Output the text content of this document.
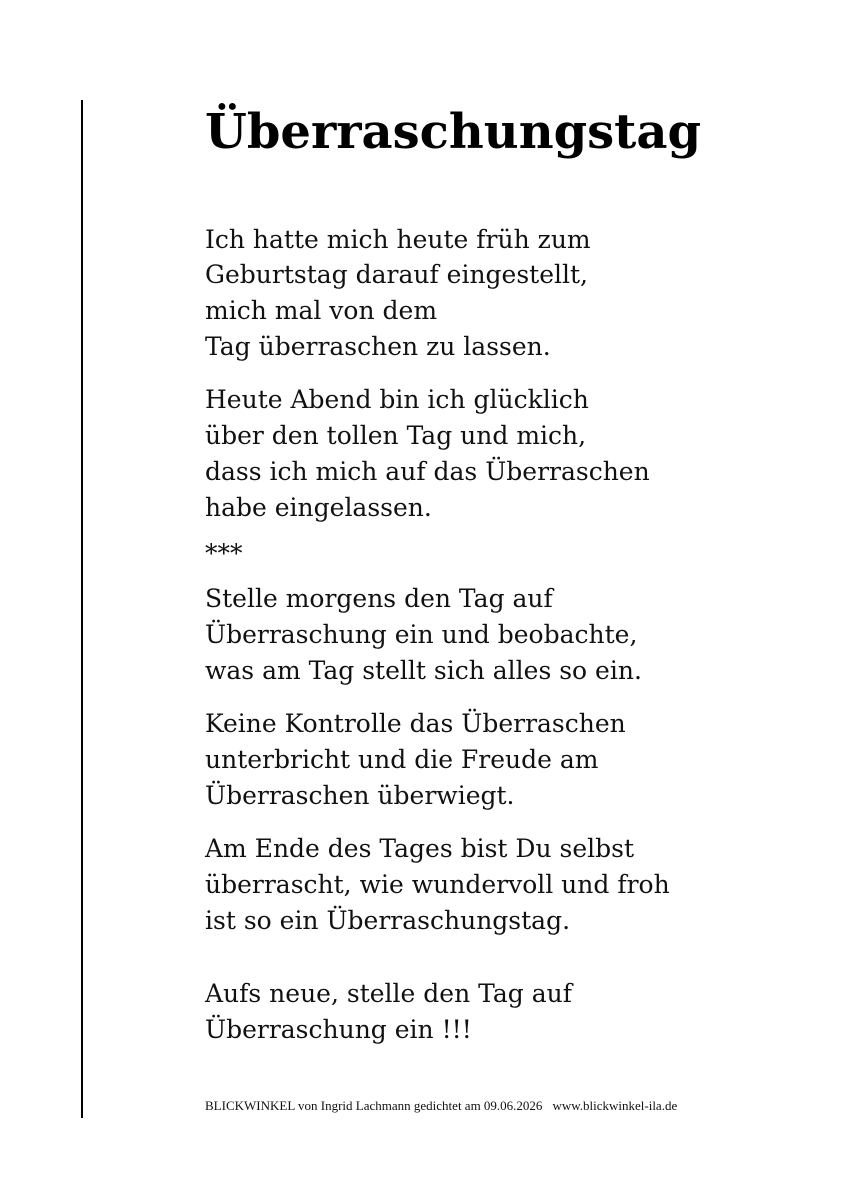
Überraschungstag
Ich hatte mich heute früh zum
Geburtstag darauf eingestellt,
mich mal von dem
Tag überraschen zu lassen.
Heute Abend bin ich glücklich
über den tollen Tag und mich,
dass ich mich auf das Überraschen
habe eingelassen.
***
Stelle morgens den Tag auf
Überraschung ein und beobachte,
was am Tag stellt sich alles so ein.
Keine Kontrolle das Überraschen
unterbricht und die Freude am
Überraschen überwiegt.
Am Ende des Tages bist Du selbst
überrascht, wie wundervoll und froh
ist so ein Überraschungstag.
Aufs neue, stelle den Tag auf
Überraschung ein !!!
BLICKWINKEL von Ingrid Lachmann gedichtet am 09.06.2026 www.blickwinkel-ila.de
